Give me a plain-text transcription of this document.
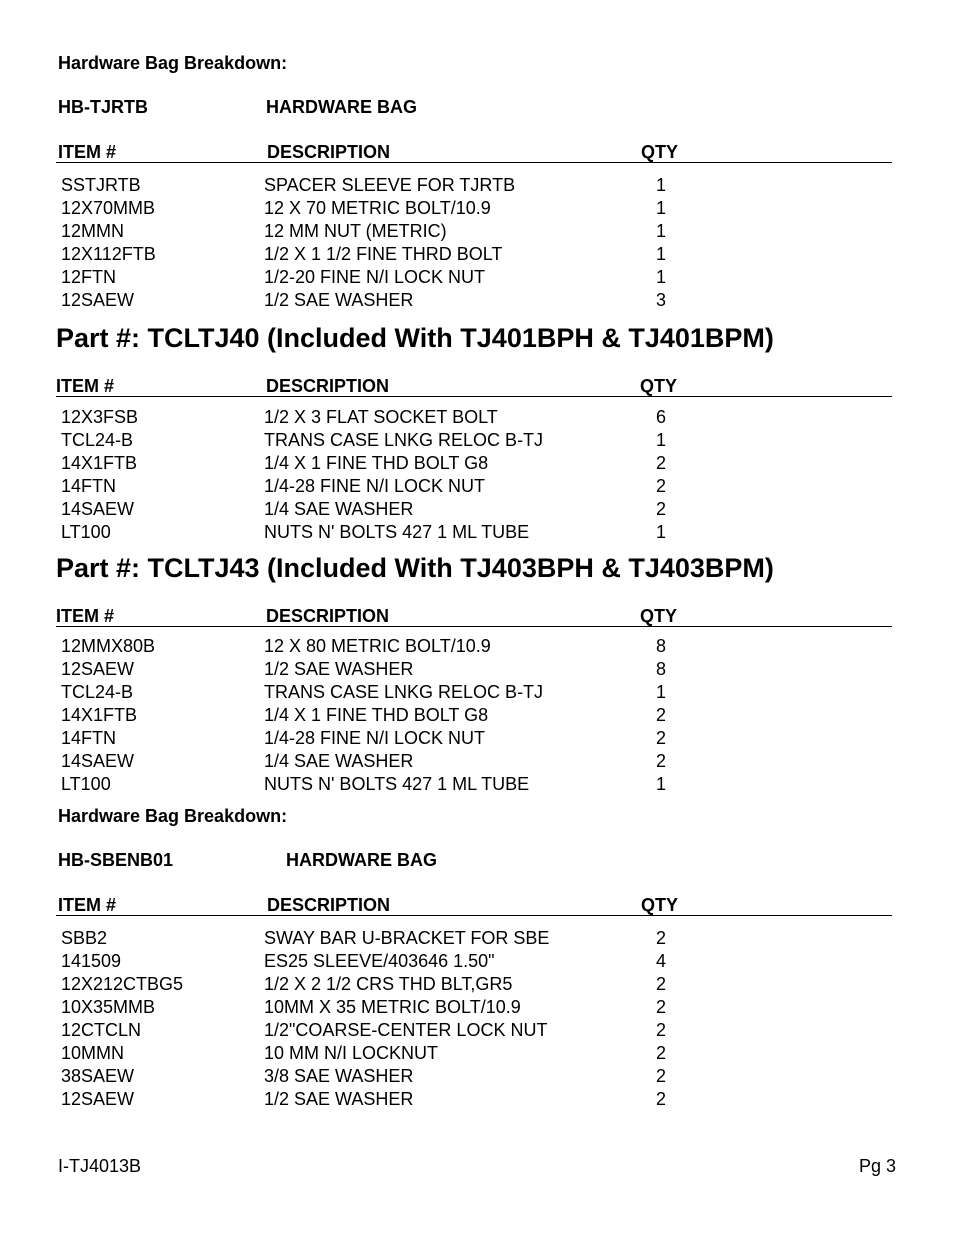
Hardware Bag Breakdown:
HB-TJRTB	HARDWARE BAG
ITEM #	DESCRIPTION	QTY
SSTJRTB	SPACER SLEEVE FOR TJRTB	1
12X70MMB	12 X 70 METRIC BOLT/10.9	1
12MMN	12 MM NUT (METRIC)	1
12X112FTB	1/2 X 1 1/2 FINE THRD BOLT	1
12FTN	1/2-20 FINE N/I LOCK NUT	1
12SAEW	1/2 SAE WASHER	3
Part #: TCLTJ40 (Included With TJ401BPH & TJ401BPM)
ITEM #	DESCRIPTION	QTY
12X3FSB	1/2 X 3 FLAT SOCKET BOLT	6
TCL24-B	TRANS CASE LNKG RELOC B-TJ	1
14X1FTB	1/4 X 1 FINE THD BOLT G8	2
14FTN	1/4-28 FINE N/I LOCK NUT	2
14SAEW	1/4 SAE WASHER	2
LT100	NUTS N' BOLTS 427 1 ML TUBE	1
Part #: TCLTJ43 (Included With TJ403BPH & TJ403BPM)
ITEM #	DESCRIPTION	QTY
12MMX80B	12 X 80 METRIC BOLT/10.9	8
12SAEW	1/2 SAE WASHER	8
TCL24-B	TRANS CASE LNKG RELOC B-TJ	1
14X1FTB	1/4 X 1 FINE THD BOLT G8	2
14FTN	1/4-28 FINE N/I LOCK NUT	2
14SAEW	1/4 SAE WASHER	2
LT100	NUTS N' BOLTS 427 1 ML TUBE	1
Hardware Bag Breakdown:
HB-SBENB01	HARDWARE BAG
ITEM #	DESCRIPTION	QTY
SBB2	SWAY BAR U-BRACKET FOR SBE	2
141509	ES25 SLEEVE/403646 1.50"	4
12X212CTBG5	1/2 X 2 1/2 CRS THD BLT,GR5	2
10X35MMB	10MM X 35 METRIC BOLT/10.9	2
12CTCLN	1/2"COARSE-CENTER LOCK NUT	2
10MMN	10 MM N/I LOCKNUT	2
38SAEW	3/8 SAE WASHER	2
12SAEW	1/2 SAE WASHER	2
I-TJ4013B	Pg 3
